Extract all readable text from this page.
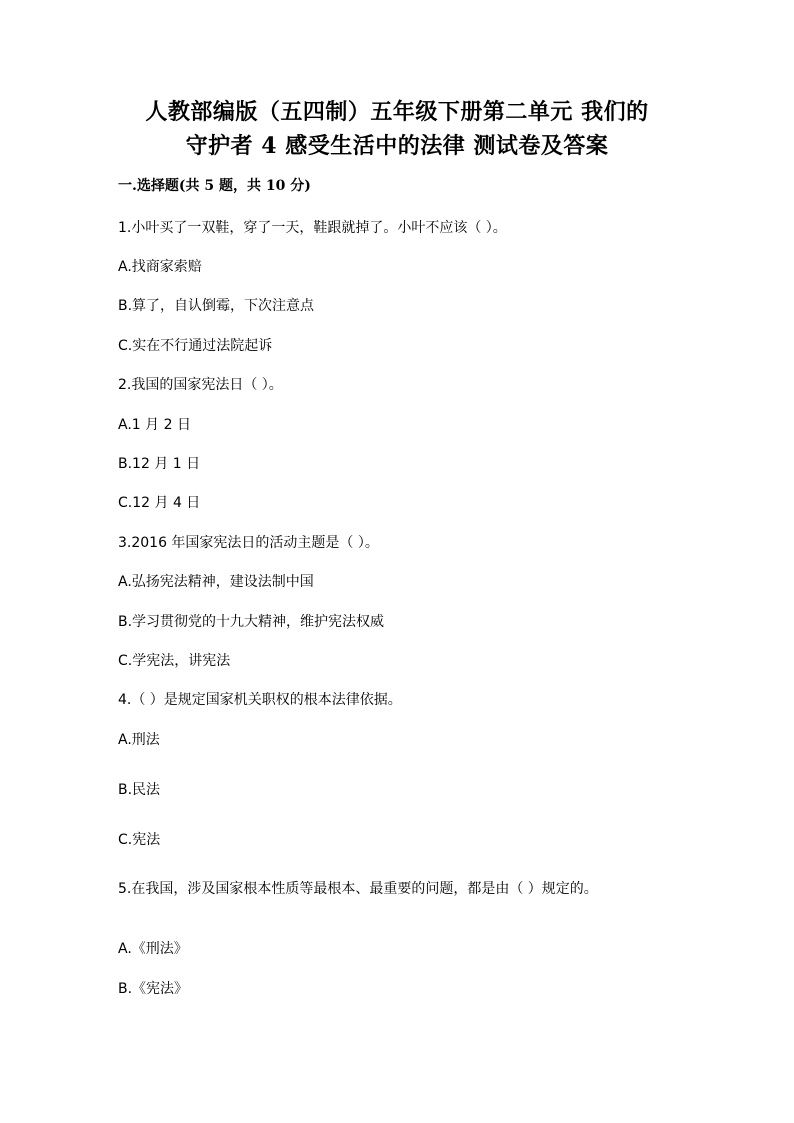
人教部编版（五四制）五年级下册第二单元 我们的
守护者 4 感受生活中的法律 测试卷及答案
一.选择题(共 5 题，共 10 分)
1.小叶买了一双鞋，穿了一天，鞋跟就掉了。小叶不应该（ ）。
A.找商家索赔
B.算了，自认倒霉，下次注意点
C.实在不行通过法院起诉
2.我国的国家宪法日（ ）。
A.1 月 2 日
B.12 月 1 日
C.12 月 4 日
3.2016 年国家宪法日的活动主题是（ ）。
A.弘扬宪法精神，建设法制中国
B.学习贯彻党的十九大精神，维护宪法权威
C.学宪法，讲宪法
4.（ ）是规定国家机关职权的根本法律依据。
A.刑法
B.民法
C.宪法
5.在我国，涉及国家根本性质等最根本、最重要的问题，都是由（ ）规定的。
A.《刑法》
B.《宪法》
